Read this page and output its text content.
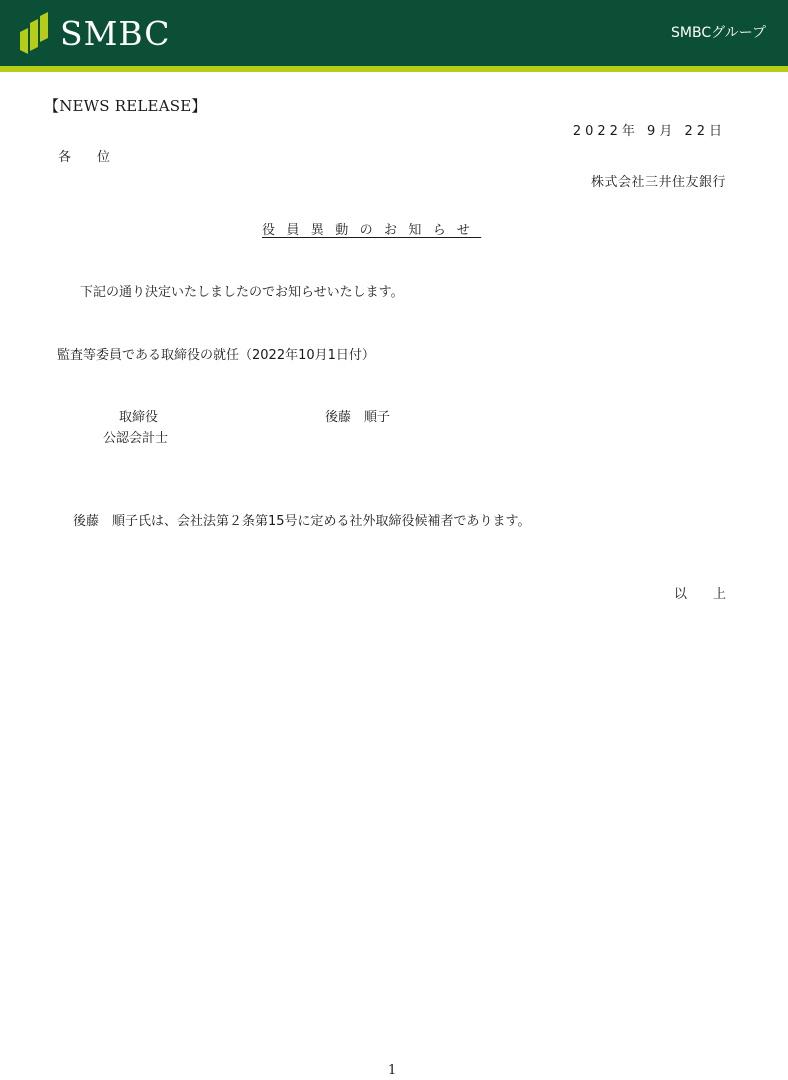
SMBC	SMBCグループ
【NEWS RELEASE】
2022年 9月 22日
各　　位
株式会社三井住友銀行
役員異動のお知らせ
下記の通り決定いたしましたのでお知らせいたします。
監査等委員である取締役の就任（2022年10月1日付）
取締役
公認会計士
後藤　順子
後藤　順子氏は、会社法第２条第15号に定める社外取締役候補者であります。
以　　上
1
